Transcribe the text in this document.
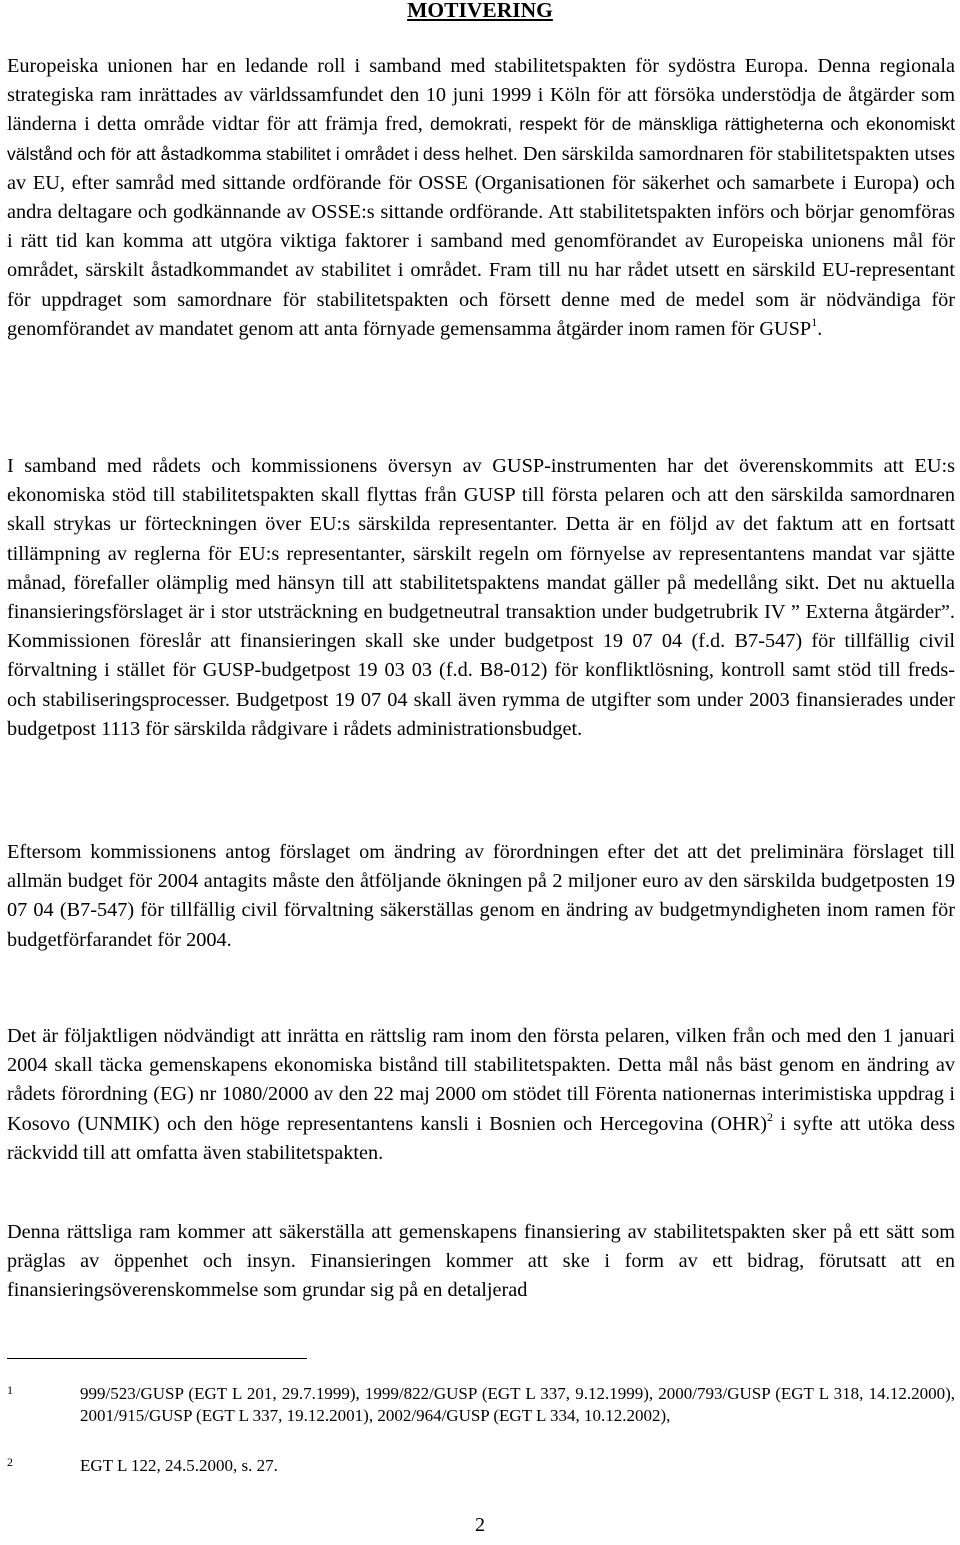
MOTIVERING

Europeiska unionen har en ledande roll i samband med stabilitetspakten för sydöstra Europa. Denna regionala strategiska ram inrättades av världssamfundet den 10 juni 1999 i Köln för att försöka understödja de åtgärder som länderna i detta område vidtar för att främja fred, demokrati, respekt för de mänskliga rättigheterna och ekonomiskt välstånd och för att åstadkomma stabilitet i området i dess helhet. Den särskilda samordnaren för stabilitetspakten utses av EU, efter samråd med sittande ordförande för OSSE (Organisationen för säkerhet och samarbete i Europa) och andra deltagare och godkännande av OSSE:s sittande ordförande. Att stabilitetspakten införs och börjar genomföras i rätt tid kan komma att utgöra viktiga faktorer i samband med genomförandet av Europeiska unionens mål för området, särskilt åstadkommandet av stabilitet i området. Fram till nu har rådet utsett en särskild EU-representant för uppdraget som samordnare för stabilitetspakten och försett denne med de medel som är nödvändiga för genomförandet av mandatet genom att anta förnyade gemensamma åtgärder inom ramen för GUSP$^1$.

I samband med rådets och kommissionens översyn av GUSP-instrumenten har det överenskommits att EU:s ekonomiska stöd till stabilitetspakten skall flyttas från GUSP till första pelaren och att den särskilda samordnaren skall strykas ur förteckningen över EU:s särskilda representanter. Detta är en följd av det faktum att en fortsatt tillämpning av reglerna för EU:s representanter, särskilt regeln om förnyelse av representantens mandat var sjätte månad, förefaller olämplig med hänsyn till att stabilitetspaktens mandat gäller på medellång sikt. Det nu aktuella finansieringsförslaget är i stor utsträckning en budgetneutral transaktion under budgetrubrik IV ” Externa åtgärder”. Kommissionen föreslår att finansieringen skall ske under budgetpost 19 07 04 (f.d. B7-547) för tillfällig civil förvaltning i stället för GUSP-budgetpost 19 03 03 (f.d. B8-012) för konfliktlösning, kontroll samt stöd till freds- och stabiliseringsprocesser. Budgetpost 19 07 04 skall även rymma de utgifter som under 2003 finansierades under budgetpost 1113 för särskilda rådgivare i rådets administrationsbudget.

Eftersom kommissionens antog förslaget om ändring av förordningen efter det att det preliminära förslaget till allmän budget för 2004 antagits måste den åtföljande ökningen på 2 miljoner euro av den särskilda budgetposten 19 07 04 (B7-547) för tillfällig civil förvaltning säkerställas genom en ändring av budgetmyndigheten inom ramen för budgetförfarandet för 2004.

Det är följaktligen nödvändigt att inrätta en rättslig ram inom den första pelaren, vilken från och med den 1 januari 2004 skall täcka gemenskapens ekonomiska bistånd till stabilitetspakten. Detta mål nås bäst genom en ändring av rådets förordning (EG) nr 1080/2000 av den 22 maj 2000 om stödet till Förenta nationernas interimistiska uppdrag i Kosovo (UNMIK) och den höge representantens kansli i Bosnien och Hercegovina (OHR)$^2$ i syfte att utöka dess räckvidd till att omfatta även stabilitetspakten.

Denna rättsliga ram kommer att säkerställa att gemenskapens finansiering av stabilitetspakten sker på ett sätt som präglas av öppenhet och insyn. Finansieringen kommer att ske i form av ett bidrag, förutsatt att en finansieringsöverenskommelse som grundar sig på en detaljerad

1	999/523/GUSP (EGT L 201, 29.7.1999), 1999/822/GUSP (EGT L 337, 9.12.1999), 2000/793/GUSP (EGT L 318, 14.12.2000), 2001/915/GUSP (EGT L 337, 19.12.2001), 2002/964/GUSP (EGT L 334, 10.12.2002),
2	EGT L 122, 24.5.2000, s. 27.
2
